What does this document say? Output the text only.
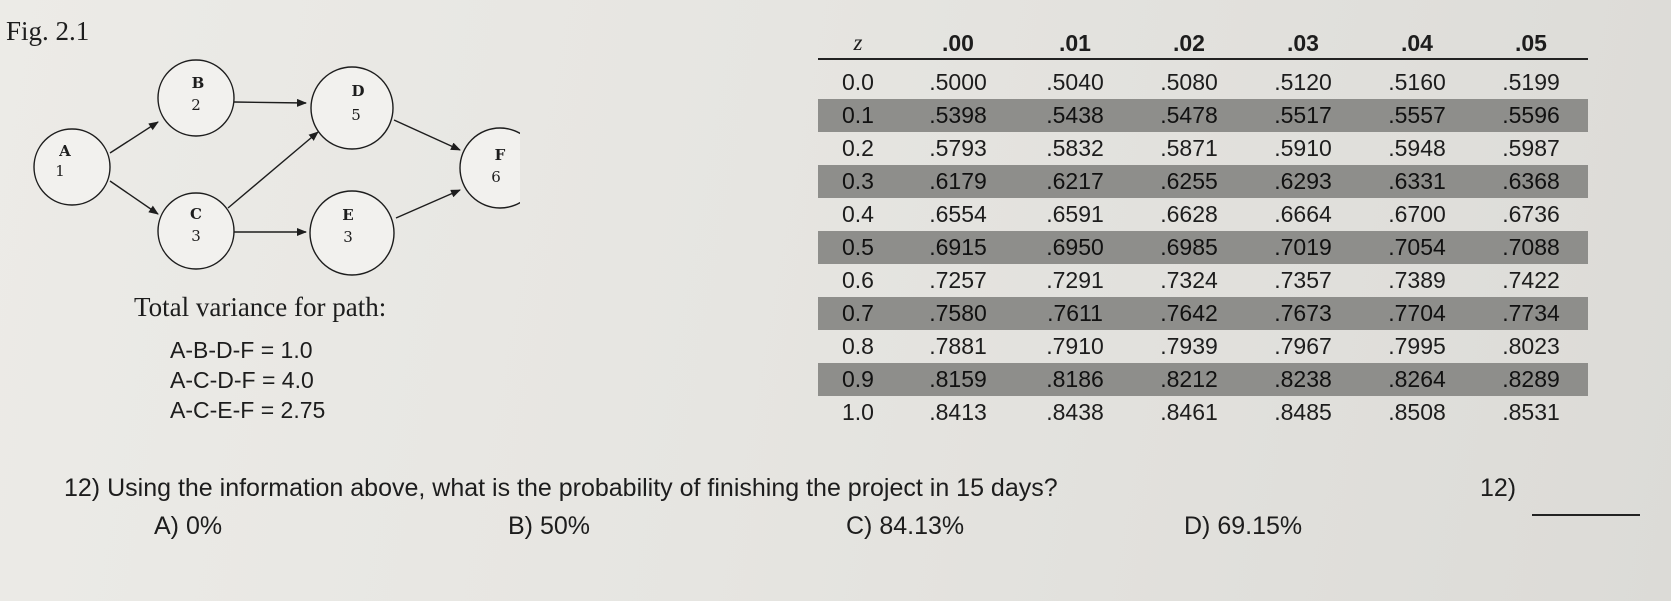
Fig. 2.1
A
1
B
2
C
3
D
5
E
3
F
6
Total variance for path:
A-B-D-F = 1.0
A-C-D-F = 4.0
A-C-E-F = 2.75
z	.00	.01	.02	.03	.04	.05
0.0	.5000	.5040	.5080	.5120	.5160	.5199
0.1	.5398	.5438	.5478	.5517	.5557	.5596
0.2	.5793	.5832	.5871	.5910	.5948	.5987
0.3	.6179	.6217	.6255	.6293	.6331	.6368
0.4	.6554	.6591	.6628	.6664	.6700	.6736
0.5	.6915	.6950	.6985	.7019	.7054	.7088
0.6	.7257	.7291	.7324	.7357	.7389	.7422
0.7	.7580	.7611	.7642	.7673	.7704	.7734
0.8	.7881	.7910	.7939	.7967	.7995	.8023
0.9	.8159	.8186	.8212	.8238	.8264	.8289
1.0	.8413	.8438	.8461	.8485	.8508	.8531
12) Using the information above, what is the probability of finishing the project in 15 days?	12)
A) 0%	B) 50%	C) 84.13%	D) 69.15%
